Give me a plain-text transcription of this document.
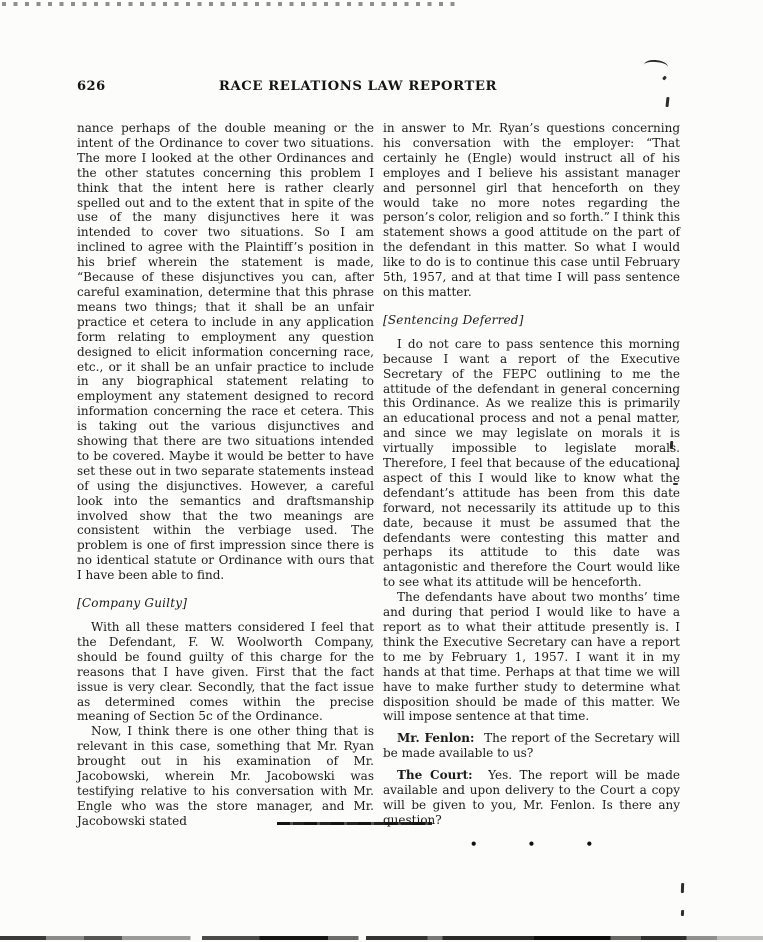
626	RACE RELATIONS LAW REPORTER

nance perhaps of the double meaning or the intent of the Ordinance to cover two situations. The more I looked at the other Ordinances and the other statutes concerning this problem I think that the intent here is rather clearly spelled out and to the extent that in spite of the use of the many disjunctives here it was intended to cover two situations. So I am inclined to agree with the Plaintiff’s position in his brief wherein the statement is made, “Because of these disjunctives you can, after careful examination, determine that this phrase means two things; that it shall be an unfair practice et cetera to include in any application form relating to employment any question designed to elicit information concerning race, etc., or it shall be an unfair practice to include in any biographical statement relating to employment any statement designed to record information concerning the race et cetera. This is taking out the various disjunctives and showing that there are two situations intended to be covered. Maybe it would be better to have set these out in two separate statements instead of using the disjunctives. However, a careful look into the semantics and draftsmanship involved show that the two meanings are consistent within the verbiage used. The problem is one of first impression since there is no identical statute or Ordinance with ours that I have been able to find.

[Company Guilty]

With all these matters considered I feel that the Defendant, F. W. Woolworth Company, should be found guilty of this charge for the reasons that I have given. First that the fact issue is very clear. Secondly, that the fact issue as determined comes within the precise meaning of Section 5c of the Ordinance.

Now, I think there is one other thing that is relevant in this case, something that Mr. Ryan brought out in his examination of Mr. Jacobowski, wherein Mr. Jacobowski was testifying relative to his conversation with Mr. Engle who was the store manager, and Mr. Jacobowski stated

in answer to Mr. Ryan’s questions concerning his conversation with the employer: “That certainly he (Engle) would instruct all of his employes and I believe his assistant manager and personnel girl that henceforth on they would take no more notes regarding the person’s color, religion and so forth.” I think this statement shows a good attitude on the part of the defendant in this matter. So what I would like to do is to continue this case until February 5th, 1957, and at that time I will pass sentence on this matter.

[Sentencing Deferred]

I do not care to pass sentence this morning because I want a report of the Executive Secretary of the FEPC outlining to me the attitude of the defendant in general concerning this Ordinance. As we realize this is primarily an educational process and not a penal matter, and since we may legislate on morals it is virtually impossible to legislate morals. Therefore, I feel that because of the educational aspect of this I would like to know what the defendant’s attitude has been from this date forward, not necessarily its attitude up to this date, because it must be assumed that the defendants were contesting this matter and perhaps its attitude to this date was antagonistic and therefore the Court would like to see what its attitude will be henceforth.

The defendants have about two months’ time and during that period I would like to have a report as to what their attitude presently is. I think the Executive Secretary can have a report to me by February 1, 1957. I want it in my hands at that time. Perhaps at that time we will have to make further study to determine what disposition should be made of this matter. We will impose sentence at that time.

Mr. Fenlon: The report of the Secretary will be made available to us?

The Court: Yes. The report will be made available and upon delivery to the Court a copy will be given to you, Mr. Fenlon. Is there any question?

• • •
